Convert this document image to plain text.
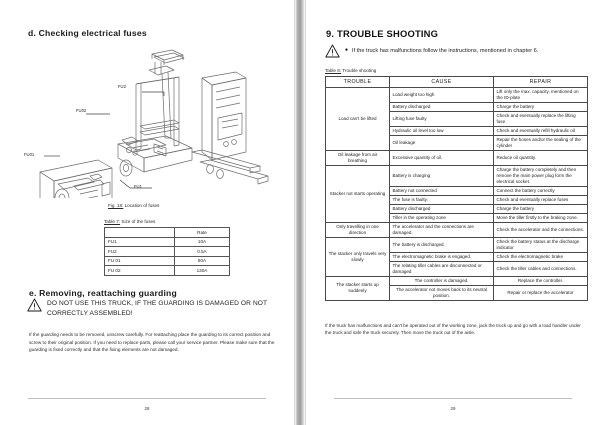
d. Checking electrical fuses
FU2
FU02
FU01
FU1
Fig. 18: Location of fuses
Table 7: Size of the fuses
	Rate
FU1	10A
FU2	0.5A
FU 01	80A
FU 02	130A
e. Removing, reattaching guarding
DO NOT USE THIS TRUCK, IF THE GUARDING IS DAMAGED OR NOT CORRECTLY ASSEMBLED!
If the guarding needs to be removed, unscrew carefully. For reattaching place the guarding to its correct position and screw to their original position. If you need to replace parts, please call your service partner. Please make sure that the guarding is fixed correctly and that the fixing elements are not damaged.
28
9. TROUBLE SHOOTING
● If the truck has malfunctions follow the instructions, mentioned in chapter 6.
Table 8: Trouble shooting
TROUBLE	CAUSE	REPAIR
Load can't be lifted	Load weight too high	Lift only the max. capacity, mentioned on the ID-plate
	Battery discharged	Charge the battery
	Lifting fuse faulty	Check and eventually replace the lifting fuse
	Hydraulic oil level too low	Check and eventually refill hydraulic oil
	Oil leakage	Repair the hoses and/or the sealing of the cylinder
Oil leakage from air breathing	Excessive quantity of oil.	Reduce oil quantity.
Stacker not starts operating	Battery is charging	Charge the battery completely and then remove the main power plug form the electrical socket.
	Battery not connected	Connect the battery correctly
	The fuse is faulty.	Check and eventually replace fuses
	Battery discharged	Charge the battery
	Tiller in the operating zone	Move the tiller firstly to the braking zone.
Only travelling in one direction	The accelerator and the connections are damaged.	Check the accelerator and the connections.
The stacker only travels very slowly	The battery is discharged.	Check the battery status at the discharge indicator
	The electromagnetic brake is engaged.	Check the electromagnetic brake
	The relating tiller cables are disconnected or damaged	Check the tiller cables and connections.
The stacker starts up suddenly	The controller is damaged.	Replace the controller.
	The accelerator not moves back to its neutral position.	Repair or replace the accelerator
If the truck has malfunctions and can't be operated out of the working zone, jack the truck up and go with a load handler under the truck and safe the truck securely. Then move the truck out of the aisle.
29
